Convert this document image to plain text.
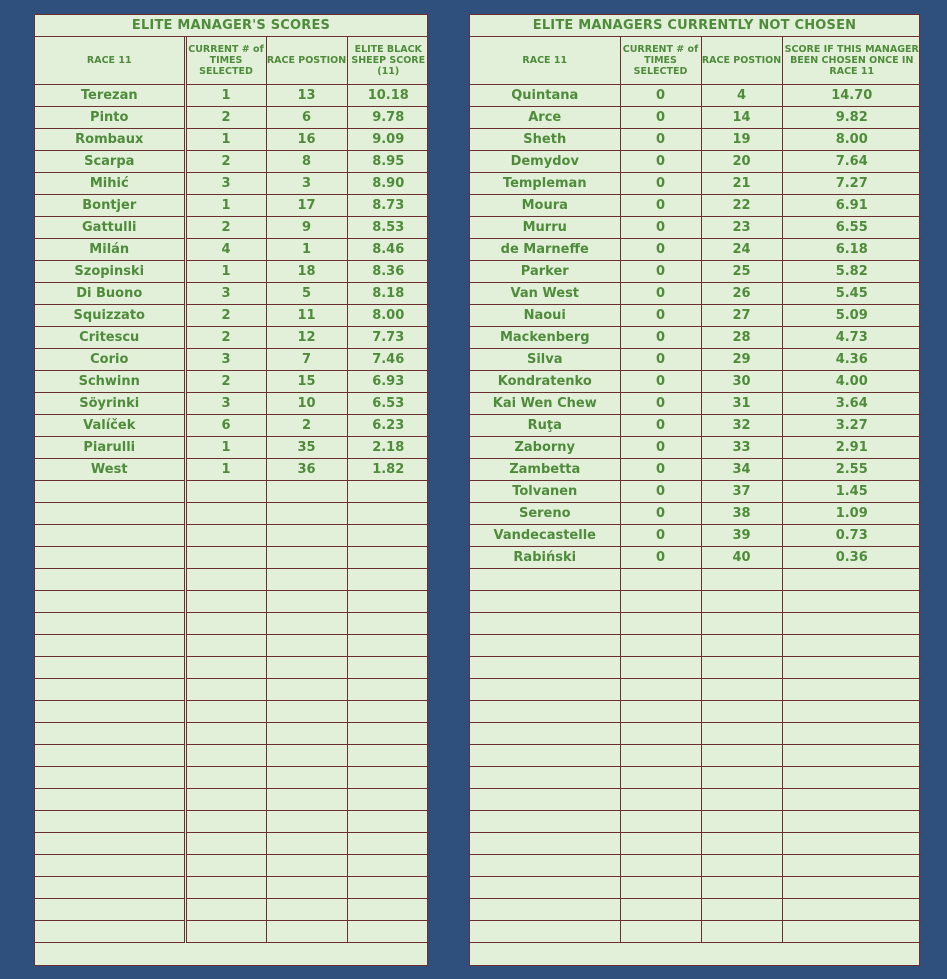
ELITE MANAGER'S SCORES
RACE 11	CURRENT # of TIMES SELECTED	RACE POSTION	ELITE BLACK SHEEP SCORE (11)
Terezan	1	13	10.18
Pinto	2	6	9.78
Rombaux	1	16	9.09
Scarpa	2	8	8.95
Mihić	3	3	8.90
Bontjer	1	17	8.73
Gattulli	2	9	8.53
Milán	4	1	8.46
Szopinski	1	18	8.36
Di Buono	3	5	8.18
Squizzato	2	11	8.00
Critescu	2	12	7.73
Corio	3	7	7.46
Schwinn	2	15	6.93
Söyrinki	3	10	6.53
Valíček	6	2	6.23
Piarulli	1	35	2.18
West	1	36	1.82

ELITE MANAGERS CURRENTLY NOT CHOSEN
RACE 11	CURRENT # of TIMES SELECTED	RACE POSTION	SCORE IF THIS MANAGER BEEN CHOSEN ONCE IN RACE 11
Quintana	0	4	14.70
Arce	0	14	9.82
Sheth	0	19	8.00
Demydov	0	20	7.64
Templeman	0	21	7.27
Moura	0	22	6.91
Murru	0	23	6.55
de Marneffe	0	24	6.18
Parker	0	25	5.82
Van West	0	26	5.45
Naoui	0	27	5.09
Mackenberg	0	28	4.73
Silva	0	29	4.36
Kondratenko	0	30	4.00
Kai Wen Chew	0	31	3.64
Ruţa	0	32	3.27
Zaborny	0	33	2.91
Zambetta	0	34	2.55
Tolvanen	0	37	1.45
Sereno	0	38	1.09
Vandecastelle	0	39	0.73
Rabiński	0	40	0.36
